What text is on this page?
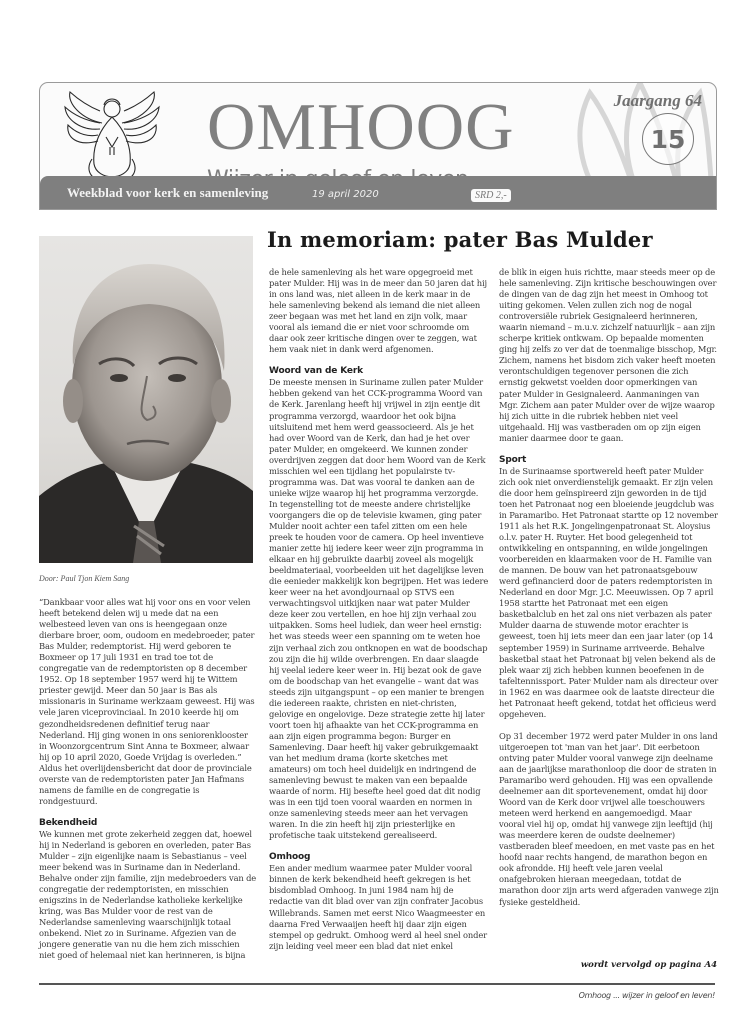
OMHOOG	Jaargang 64
15
Weekblad voor kerk en samenleving	19 april 2020	SRD 2,-
In memoriam: pater Bas Mulder
Door: Paul Tjon Kiem Sang

“Dankbaar voor alles wat hij voor ons en voor velen heeft betekend delen wij u mede dat na een welbesteed leven van ons is heengegaan onze dierbare broer, oom, oudoom en medebroeder, pater Bas Mulder, redemptorist. Hij werd geboren te Boxmeer op 17 juli 1931 en trad toe tot de congregatie van de redemptoristen op 8 december 1952. Op 18 september 1957 werd hij te Wittem priester gewijd. Meer dan 50 jaar is Bas als missionaris in Suriname werkzaam geweest. Hij was vele jaren viceprovinciaal. In 2010 keerde hij om gezondheidsredenen definitief terug naar Nederland. Hij ging wonen in ons seniorenklooster in Woonzorgcentrum Sint Anna te Boxmeer, alwaar hij op 10 april 2020, Goede Vrijdag is overleden.” Aldus het overlijdensbericht dat door de provinciale overste van de redemptoristen pater Jan Hafmans namens de familie en de congregatie is rondgestuurd.

Bekendheid

We kunnen met grote zekerheid zeggen dat, hoewel hij in Nederland is geboren en overleden, pater Bas Mulder – zijn eigenlijke naam is Sebastianus – veel meer bekend was in Suriname dan in Nederland. Behalve onder zijn familie, zijn medebroeders van de congregatie der redemptoristen, en misschien enigszins in de Nederlandse katholieke kerkelijke kring, was Bas Mulder voor de rest van de Nederlandse samenleving waarschijnlijk totaal onbekend. Niet zo in Suriname. Afgezien van de jongere generatie van nu die hem zich misschien niet goed of helemaal niet kan herinneren, is bijna

de hele samenleving als het ware opgegroeid met pater Mulder. Hij was in de meer dan 50 jaren dat hij in ons land was, niet alleen in de kerk maar in de hele samenleving bekend als iemand die niet alleen zeer begaan was met het land en zijn volk, maar vooral als iemand die er niet voor schroomde om daar ook zeer kritische dingen over te zeggen, wat hem vaak niet in dank werd afgenomen.

Woord van de Kerk

De meeste mensen in Suriname zullen pater Mulder hebben gekend van het CCK-programma Woord van de Kerk. Jarenlang heeft hij vrijwel in zijn eentje dit programma verzorgd, waardoor het ook bijna uitsluitend met hem werd geassocieerd. Als je het had over Woord van de Kerk, dan had je het over pater Mulder, en omgekeerd. We kunnen zonder overdrijven zeggen dat door hem Woord van de Kerk misschien wel een tijdlang het populairste tv-programma was. Dat was vooral te danken aan de unieke wijze waarop hij het programma verzorgde. In tegenstelling tot de meeste andere christelijke voorgangers die op de televisie kwamen, ging pater Mulder nooit achter een tafel zitten om een hele preek te houden voor de camera. Op heel inventieve manier zette hij iedere keer weer zijn programma in elkaar en hij gebruikte daarbij zoveel als mogelijk beeldmateriaal, voorbeelden uit het dagelijkse leven die eenieder makkelijk kon begrijpen. Het was iedere keer weer na het avondjournaal op STVS een verwachtingsvol uitkijken naar wat pater Mulder deze keer zou vertellen, en hoe hij zijn verhaal zou uitpakken. Soms heel ludiek, dan weer heel ernstig: het was steeds weer een spanning om te weten hoe zijn verhaal zich zou ontknopen en wat de boodschap zou zijn die hij wilde overbrengen. En daar slaagde hij veelal iedere keer weer in. Hij bezat ook de gave om de boodschap van het evangelie – want dat was steeds zijn uitgangspunt – op een manier te brengen die iedereen raakte, christen en niet-christen, gelovige en ongelovige. Deze strategie zette hij later voort toen hij afhaakte van het CCK-programma en aan zijn eigen programma begon: Burger en Samenleving. Daar heeft hij vaker gebruikgemaakt van het medium drama (korte sketches met amateurs) om toch heel duidelijk en indringend de samenleving bewust te maken van een bepaalde waarde of norm. Hij besefte heel goed dat dit nodig was in een tijd toen vooral waarden en normen in onze samenleving steeds meer aan het vervagen waren. In die zin heeft hij zijn priesterlijke en profetische taak uitstekend gerealiseerd.

Omhoog

Een ander medium waarmee pater Mulder vooral binnen de kerk bekendheid heeft gekregen is het bisdomblad Omhoog. In juni 1984 nam hij de redactie van dit blad over van zijn confrater Jacobus Willebrands. Samen met eerst Nico Waagmeester en daarna Fred Verwaaijen heeft hij daar zijn eigen stempel op gedrukt. Omhoog werd al heel snel onder zijn leiding veel meer een blad dat niet enkel

de blik in eigen huis richtte, maar steeds meer op de hele samenleving. Zijn kritische beschouwingen over de dingen van de dag zijn het meest in Omhoog tot uiting gekomen. Velen zullen zich nog de nogal controversiële rubriek Gesignaleerd herinneren, waarin niemand – m.u.v. zichzelf natuurlijk – aan zijn scherpe kritiek ontkwam. Op bepaalde momenten ging hij zelfs zo ver dat de toenmalige bisschop, Mgr. Zichem, namens het bisdom zich vaker heeft moeten verontschuldigen tegenover personen die zich ernstig gekwetst voelden door opmerkingen van pater Mulder in Gesignaleerd. Aanmaningen van Mgr. Zichem aan pater Mulder over de wijze waarop hij zich uitte in die rubriek hebben niet veel uitgehaald. Hij was vastberaden om op zijn eigen manier daarmee door te gaan.

Sport

In de Surinaamse sportwereld heeft pater Mulder zich ook niet onverdienstelijk gemaakt. Er zijn velen die door hem geïnspireerd zijn geworden in de tijd toen het Patronaat nog een bloeiende jeugdclub was in Paramaribo. Het Patronaat startte op 12 november 1911 als het R.K. Jongelingenpatronaat St. Aloysius o.l.v. pater H. Ruyter. Het bood gelegenheid tot ontwikkeling en ontspanning, en wilde jongelingen voorbereiden en klaarmaken voor de H. Familie van de mannen. De bouw van het patronaatsgebouw werd gefinancierd door de paters redemptoristen in Nederland en door Mgr. J.C. Meeuwissen. Op 7 april 1958 startte het Patronaat met een eigen basketbalclub en het zal ons niet verbazen als pater Mulder daarna de stuwende motor erachter is geweest, toen hij iets meer dan een jaar later (op 14 september 1959) in Suriname arriveerde. Behalve basketbal staat het Patronaat bij velen bekend als de plek waar zij zich hebben kunnen beoefenen in de tafeltennissport. Pater Mulder nam als directeur over in 1962 en was daarmee ook de laatste directeur die het Patronaat heeft gekend, totdat het officieus werd opgeheven.

Op 31 december 1972 werd pater Mulder in ons land uitgeroepen tot 'man van het jaar'. Dit eerbetoon ontving pater Mulder vooral vanwege zijn deelname aan de jaarlijkse marathonloop die door de straten in Paramaribo werd gehouden. Hij was een opvallende deelnemer aan dit sportevenement, omdat hij door Woord van de Kerk door vrijwel alle toeschouwers meteen werd herkend en aangemoedigd. Maar vooral viel hij op, omdat hij vanwege zijn leeftijd (hij was meerdere keren de oudste deelnemer) vastberaden bleef meedoen, en met vaste pas en het hoofd naar rechts hangend, de marathon begon en ook afrondde. Hij heeft vele jaren veelal onafgebroken hieraan meegedaan, totdat de marathon door zijn arts werd afgeraden vanwege zijn fysieke gesteldheid.

wordt vervolgd op pagina A4
Omhoog ... wijzer in geloof en leven!
